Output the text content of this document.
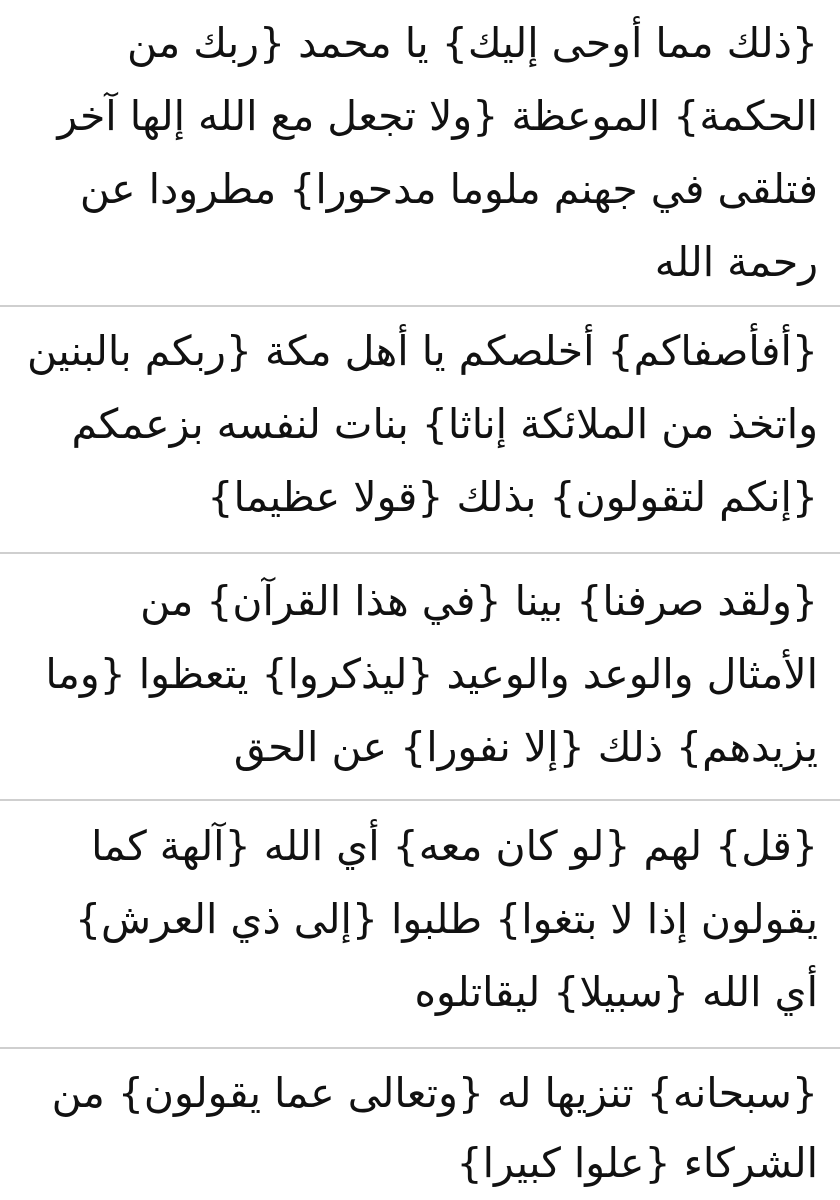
{ذلك مما أوحى إليك} يا محمد {ربك من الحكمة} الموعظة {ولا تجعل مع الله إلها آخر فتلقى في جهنم ملوما مدحورا} مطرودا عن رحمة الله
{أفأصفاكم} أخلصكم يا أهل مكة {ربكم بالبنين واتخذ من الملائكة إناثا} بنات لنفسه بزعمكم {إنكم لتقولون} بذلك {قولا عظيما}
{ولقد صرفنا} بينا {في هذا القرآن} من الأمثال والوعد والوعيد {ليذكروا} يتعظوا {وما يزيدهم} ذلك {إلا نفورا} عن الحق
{قل} لهم {لو كان معه} أي الله {آلهة كما يقولون إذا لا بتغوا} طلبوا {إلى ذي العرش} أي الله {سبيلا} ليقاتلوه
{سبحانه} تنزيها له {وتعالى عما يقولون} من الشركاء {علوا كبيرا}
